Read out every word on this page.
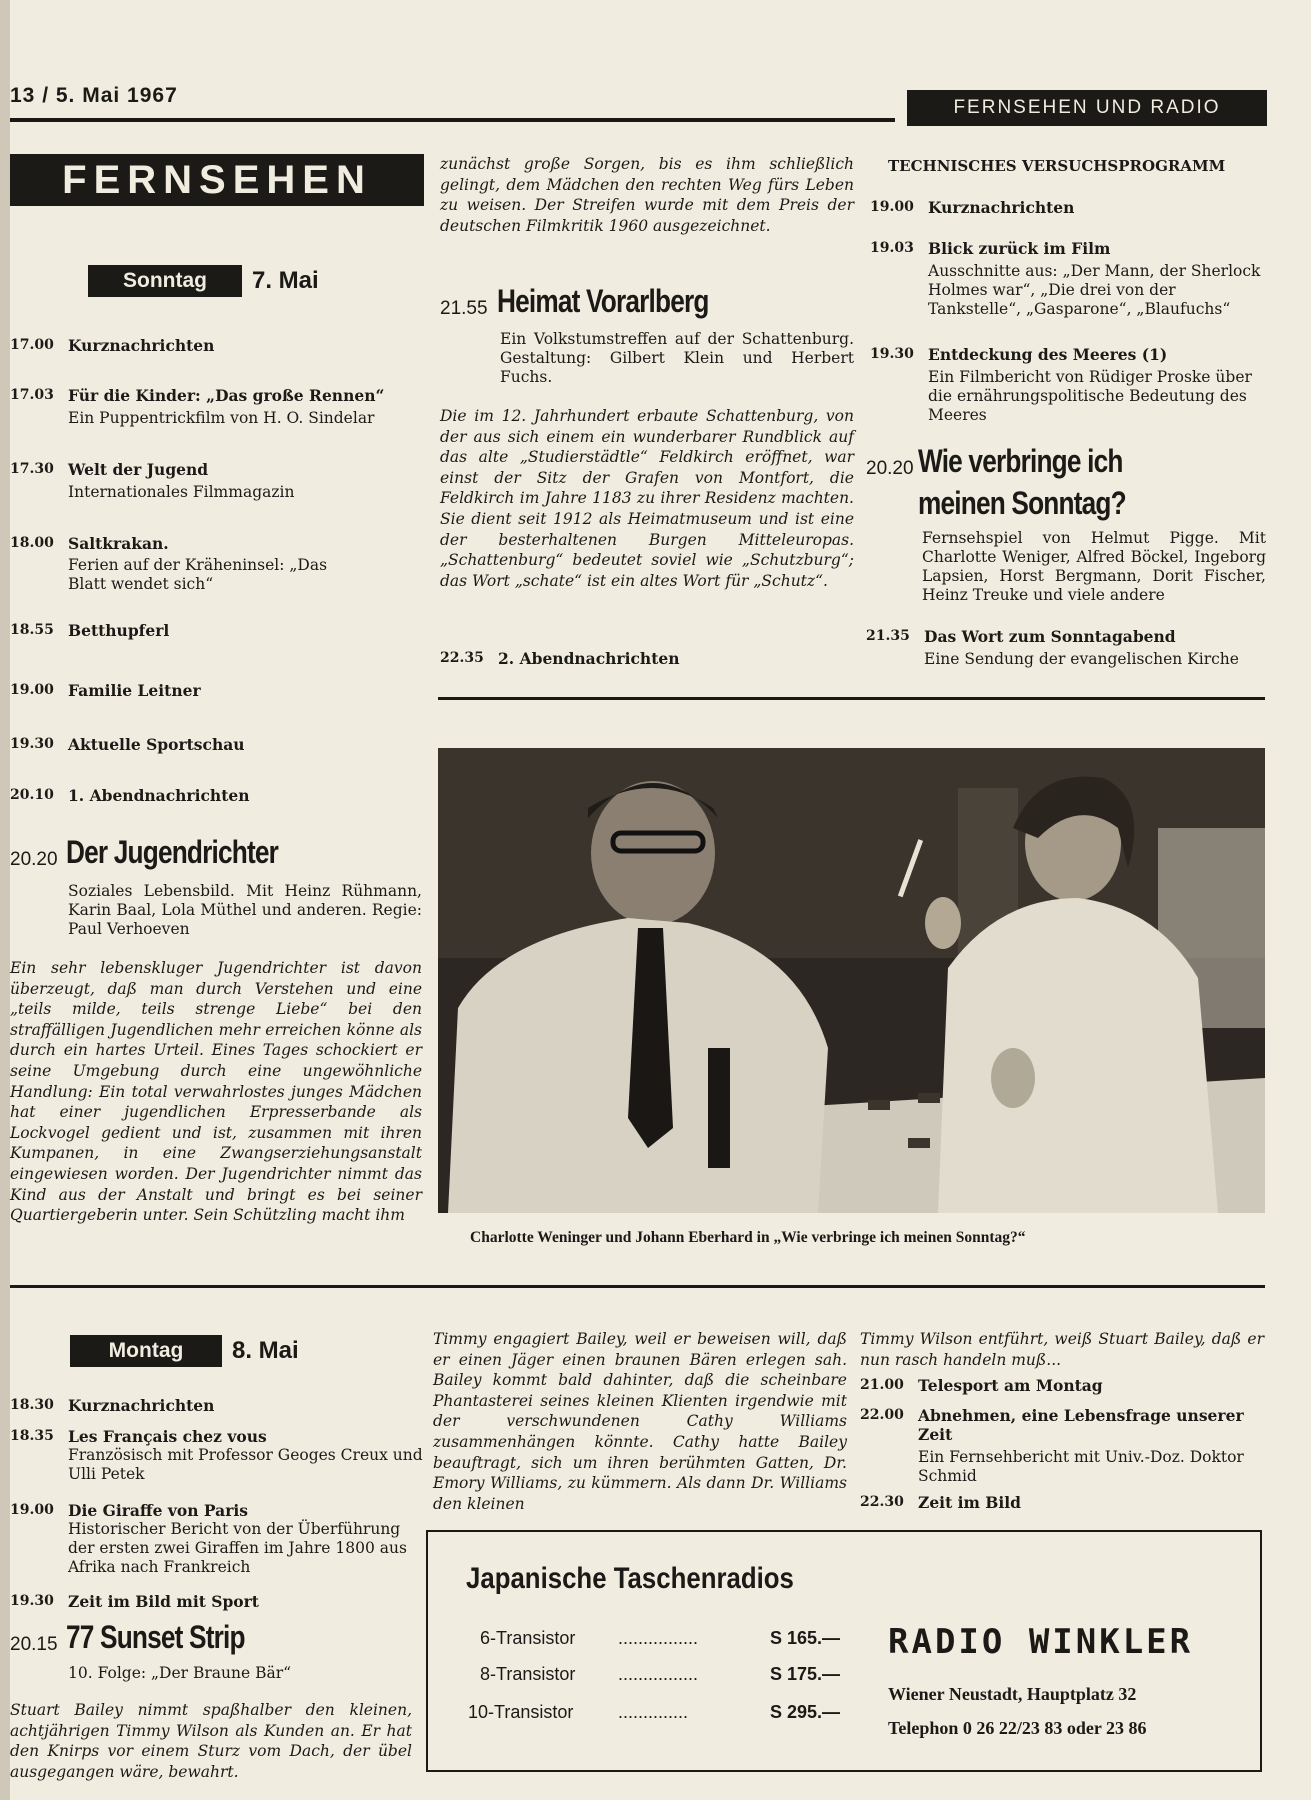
13 / 5. Mai 1967
FERNSEHEN UND RADIO
FERNSEHEN
Sonntag	7. Mai
17.00 Kurznachrichten
17.03 Für die Kinder: „Das große Rennen“
Ein Puppentrickfilm von H. O. Sindelar
17.30 Welt der Jugend
Internationales Filmmagazin
18.00 Saltkrakan.
Ferien auf der Kräheninsel: „Das Blatt wendet sich“
18.55 Betthupferl
19.00 Familie Leitner
19.30 Aktuelle Sportschau
20.10 1. Abendnachrichten
20.20 Der Jugendrichter
Soziales Lebensbild. Mit Heinz Rühmann, Karin Baal, Lola Müthel und anderen. Regie: Paul Verhoeven
Ein sehr lebenskluger Jugendrichter ist davon überzeugt, daß man durch Verstehen und eine „teils milde, teils strenge Liebe“ bei den straffälligen Jugendlichen mehr erreichen könne als durch ein hartes Urteil. Eines Tages schockiert er seine Umgebung durch eine ungewöhnliche Handlung: Ein total verwahrlostes junges Mädchen hat einer jugendlichen Erpresserbande als Lockvogel gedient und ist, zusammen mit ihren Kumpanen, in eine Zwangserziehungsanstalt eingewiesen worden. Der Jugendrichter nimmt das Kind aus der Anstalt und bringt es bei seiner Quartiergeberin unter. Sein Schützling macht ihm
zunächst große Sorgen, bis es ihm schließlich gelingt, dem Mädchen den rechten Weg fürs Leben zu weisen. Der Streifen wurde mit dem Preis der deutschen Filmkritik 1960 ausgezeichnet.
21.55 Heimat Vorarlberg
Ein Volkstumstreffen auf der Schattenburg. Gestaltung: Gilbert Klein und Herbert Fuchs.
Die im 12. Jahrhundert erbaute Schattenburg, von der aus sich einem ein wunderbarer Rundblick auf das alte „Studierstädtle“ Feldkirch eröffnet, war einst der Sitz der Grafen von Montfort, die Feldkirch im Jahre 1183 zu ihrer Residenz machten. Sie dient seit 1912 als Heimatmuseum und ist eine der besterhaltenen Burgen Mitteleuropas. „Schattenburg“ bedeutet soviel wie „Schutzburg“; das Wort „schate“ ist ein altes Wort für „Schutz“.
22.35 2. Abendnachrichten
TECHNISCHES VERSUCHSPROGRAMM
19.00 Kurznachrichten
19.03 Blick zurück im Film
Ausschnitte aus: „Der Mann, der Sherlock Holmes war“, „Die drei von der Tankstelle“, „Gasparone“, „Blaufuchs“
19.30 Entdeckung des Meeres (1)
Ein Filmbericht von Rüdiger Proske über die ernährungspolitische Bedeutung des Meeres
20.20 Wie verbringe ich
meinen Sonntag?
Fernsehspiel von Helmut Pigge. Mit Charlotte Weniger, Alfred Böckel, Ingeborg Lapsien, Horst Bergmann, Dorit Fischer, Heinz Treuke und viele andere
21.35 Das Wort zum Sonntagabend
Eine Sendung der evangelischen Kirche
Charlotte Weninger und Johann Eberhard in „Wie verbringe ich meinen Sonntag?“
Montag	8. Mai
18.30 Kurznachrichten
18.35 Les Français chez vous
Französisch mit Professor Geoges Creux und Ulli Petek
19.00 Die Giraffe von Paris
Historischer Bericht von der Überführung der ersten zwei Giraffen im Jahre 1800 aus Afrika nach Frankreich
19.30 Zeit im Bild mit Sport
20.15 77 Sunset Strip
10. Folge: „Der Braune Bär“
Stuart Bailey nimmt spaßhalber den kleinen, achtjährigen Timmy Wilson als Kunden an. Er hat den Knirps vor einem Sturz vom Dach, der übel ausgegangen wäre, bewahrt.
Timmy engagiert Bailey, weil er beweisen will, daß er einen Jäger einen braunen Bären erlegen sah. Bailey kommt bald dahinter, daß die scheinbare Phantasterei seines kleinen Klienten irgendwie mit der verschwundenen Cathy Williams zusammenhängen könnte. Cathy hatte Bailey beauftragt, sich um ihren berühmten Gatten, Dr. Emory Williams, zu kümmern. Als dann Dr. Williams den kleinen
Timmy Wilson entführt, weiß Stuart Bailey, daß er nun rasch handeln muß...
21.00 Telesport am Montag
22.00 Abnehmen, eine Lebensfrage unserer Zeit
Ein Fernsehbericht mit Univ.-Doz. Doktor Schmid
22.30 Zeit im Bild
Japanische Taschenradios
6-Transistor ................	S 165.—
8-Transistor ................	S 175.—
10-Transistor ..............	S 295.—
RADIO WINKLER
Wiener Neustadt, Hauptplatz 32
Telephon 0 26 22/23 83 oder 23 86
